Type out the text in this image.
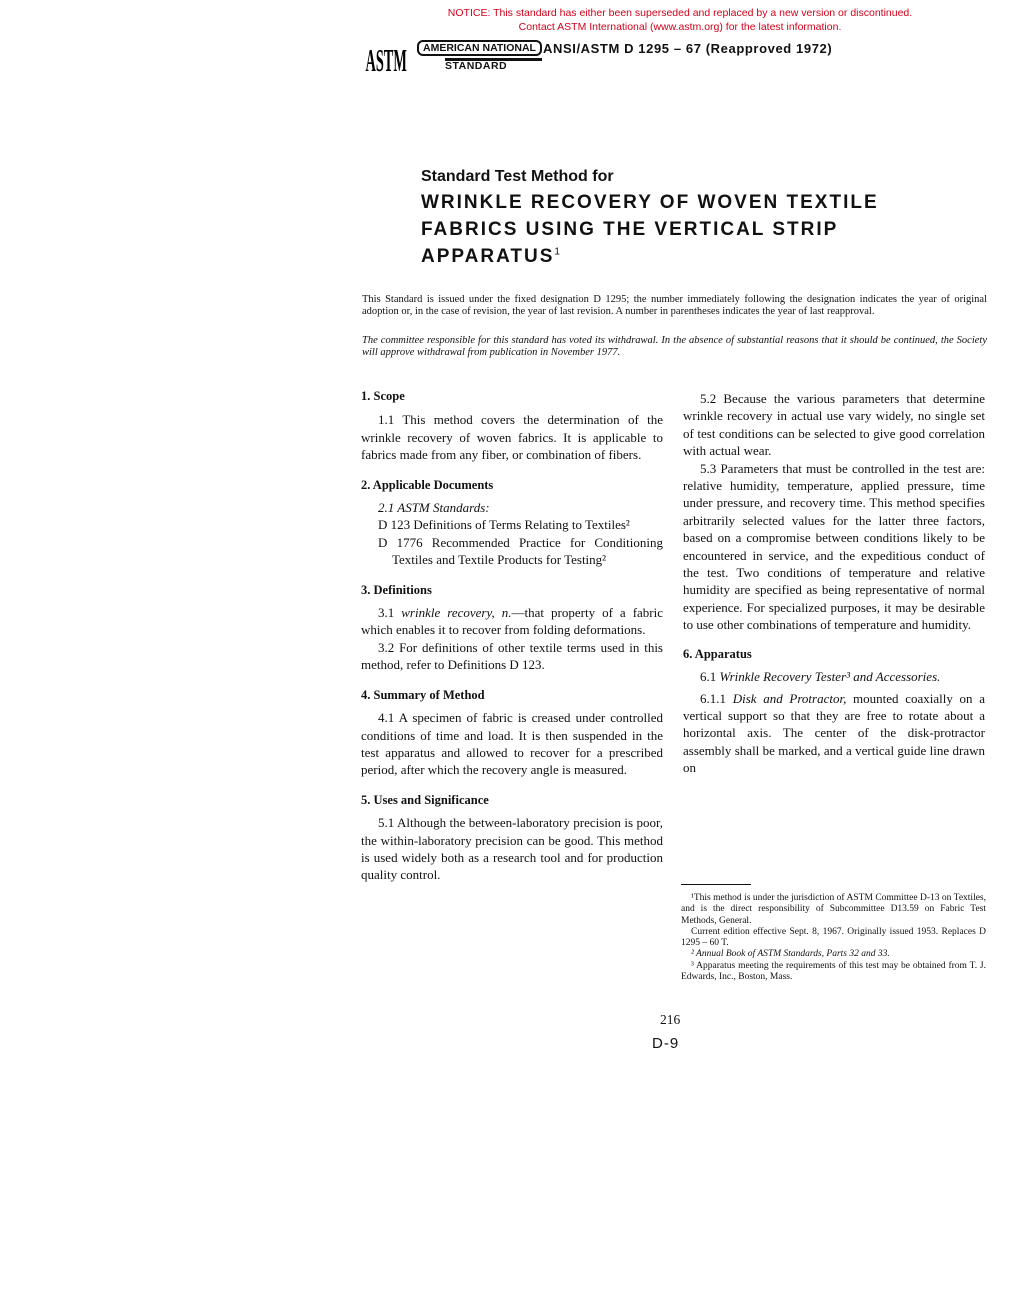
NOTICE: This standard has either been superseded and replaced by a new version or discontinued.
Contact ASTM International (www.astm.org) for the latest information.
ASTM	AMERICAN NATIONAL
STANDARD
ANSI/ASTM D 1295 – 67 (Reapproved 1972)
Standard Test Method for
WRINKLE RECOVERY OF WOVEN TEXTILE
FABRICS USING THE VERTICAL STRIP
APPARATUS$^1$
This Standard is issued under the fixed designation D 1295; the number immediately following the designation indicates the year of original adoption or, in the case of revision, the year of last revision. A number in parentheses indicates the year of last reapproval.
The committee responsible for this standard has voted its withdrawal. In the absence of substantial reasons that it should be continued, the Society will approve withdrawal from publication in November 1977.

1. Scope

1.1 This method covers the determination of the wrinkle recovery of woven fabrics. It is applicable to fabrics made from any fiber, or combination of fibers.

2. Applicable Documents

2.1 ASTM Standards:

D 123 Definitions of Terms Relating to Textiles²

D 1776 Recommended Practice for Conditioning Textiles and Textile Products for Testing²

3. Definitions

3.1 wrinkle recovery, n.—that property of a fabric which enables it to recover from folding deformations.

3.2 For definitions of other textile terms used in this method, refer to Definitions D 123.

4. Summary of Method

4.1 A specimen of fabric is creased under controlled conditions of time and load. It is then suspended in the test apparatus and allowed to recover for a prescribed period, after which the recovery angle is measured.

5. Uses and Significance

5.1 Although the between-laboratory precision is poor, the within-laboratory precision can be good. This method is used widely both as a research tool and for production quality control.

5.2 Because the various parameters that determine wrinkle recovery in actual use vary widely, no single set of test conditions can be selected to give good correlation with actual wear.

5.3 Parameters that must be controlled in the test are: relative humidity, temperature, applied pressure, time under pressure, and recovery time. This method specifies arbitrarily selected values for the latter three factors, based on a compromise between conditions likely to be encountered in service, and the expeditious conduct of the test. Two conditions of temperature and relative humidity are specified as being representative of normal experience. For specialized purposes, it may be desirable to use other combinations of temperature and humidity.

6. Apparatus

6.1 Wrinkle Recovery Tester³ and Accessories.

6.1.1 Disk and Protractor, mounted coaxially on a vertical support so that they are free to rotate about a horizontal axis. The center of the disk-protractor assembly shall be marked, and a vertical guide line drawn on

¹This method is under the jurisdiction of ASTM Committee D-13 on Textiles, and is the direct responsibility of Subcommittee D13.59 on Fabric Test Methods, General.

Current edition effective Sept. 8, 1967. Originally issued 1953. Replaces D 1295 – 60 T.

² Annual Book of ASTM Standards, Parts 32 and 33.

³ Apparatus meeting the requirements of this test may be obtained from T. J. Edwards, Inc., Boston, Mass.

216
D-9
